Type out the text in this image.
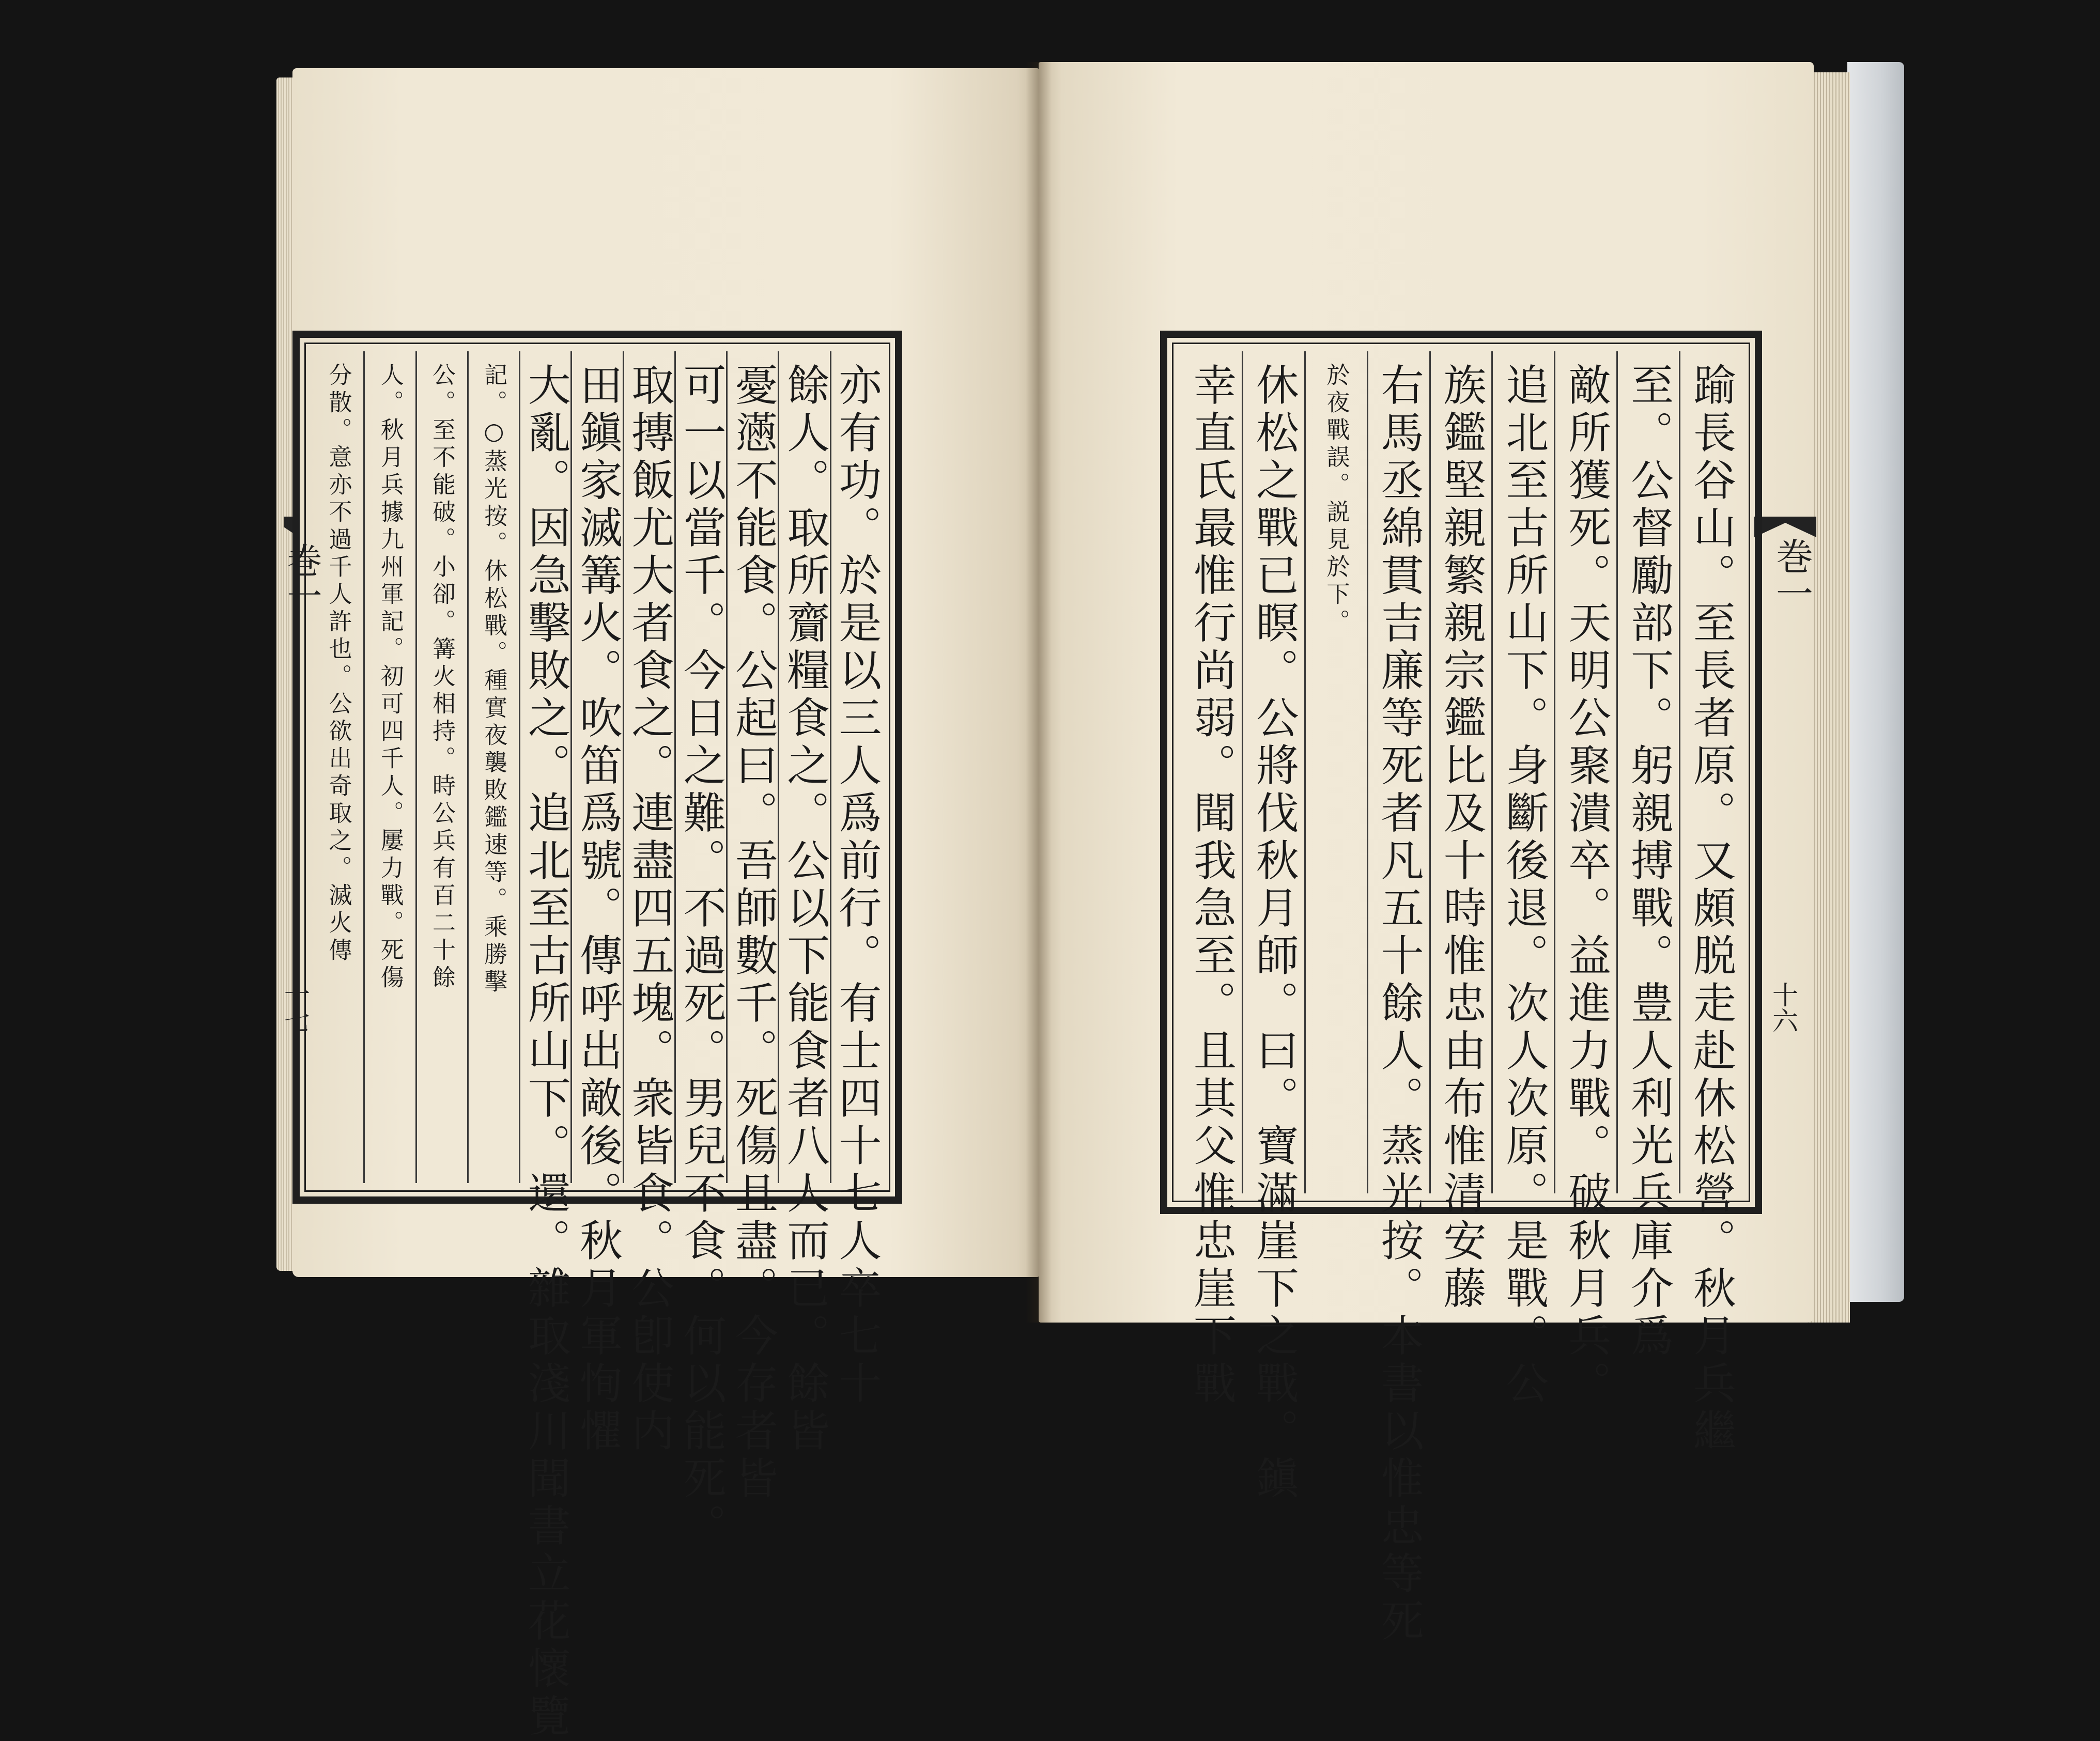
巻一
十七
巻一
十六
亦有功。於是以三人爲前行。有士四十七人卒七十
餘人。取所齎糧食之。公以下能食者八人而已。餘皆
憂懣不能食。公起曰。吾師數千。死傷且盡。今存者皆
可一以當千。今日之難。不過死。男兒不食。何以能死。
取摶飯尤大者食之。連盡四五塊。衆皆食。公卽使内
田鎭家滅篝火。吹笛爲號。傳呼出敵後。秋月軍恂懼
大亂。因急擊敗之。追北至古所山下。還。雜取淺川聞書立花懷覽
記。○蒸光按。休松戰。種實夜襲敗鑑速等。乘勝擊
公。至不能破。小卻。篝火相持。時公兵有百二十餘
人。秋月兵據九州軍記。初可四千人。屢力戰。死傷
分散。意亦不過千人許也。公欲出奇取之。滅火傳	踰長谷山。至長者原。又頗脱走赴休松營。秋月兵繼
至。公督勵部下。躬親搏戰。豊人利光兵庫介爲
敵所獲死。天明公聚潰卒。益進力戰。破秋月兵。
追北至古所山下。身斷後退。次人次原。是戰。公
族鑑堅親繁親宗鑑比及十時惟忠由布惟清安藤
右馬丞綿貫吉廉等死者凡五十餘人。蒸光按。本書以惟忠等死
於夜戰誤。説見於下。
休松之戰已瞑。公將伐秋月師。曰。寶滿崖下之戰。鎭
幸直氏最惟行尚弱。聞我急至。且其父惟忠崖下戰
